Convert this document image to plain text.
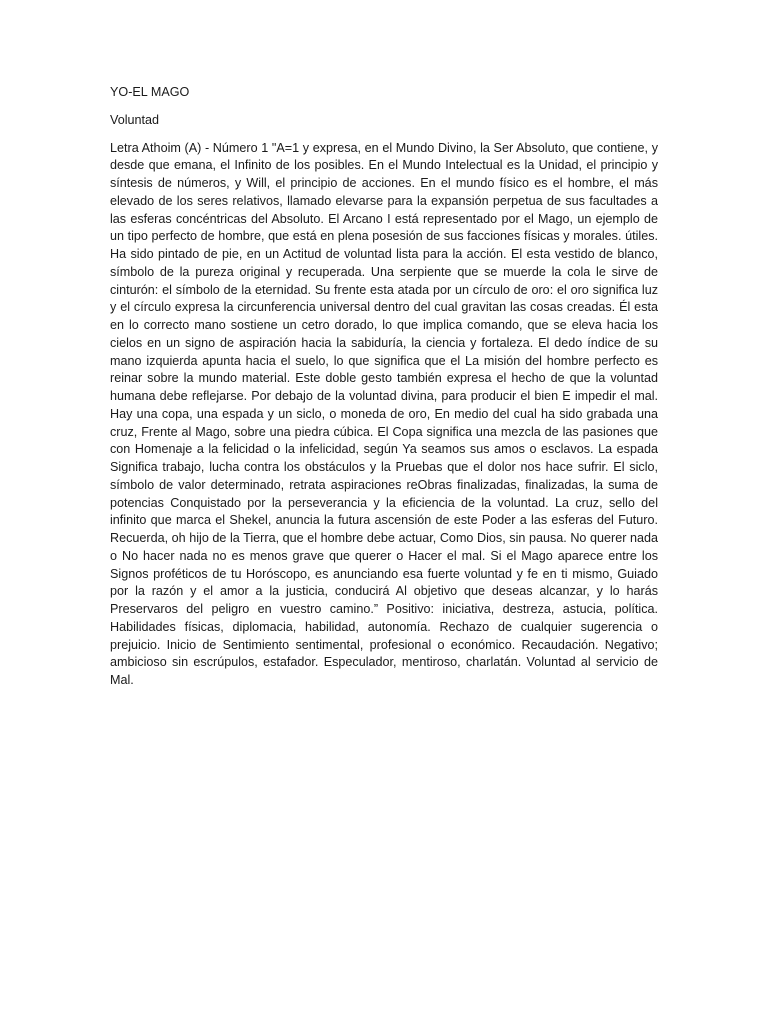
YO-EL MAGO

Voluntad

Letra Athoim (A) - Número 1 "A=1 y expresa, en el Mundo Divino, la Ser Absoluto, que contiene, y desde que emana, el Infinito de los posibles. En el Mundo Intelectual es la Unidad, el principio y síntesis de números, y Will, el principio de acciones. En el mundo físico es el hombre, el más elevado de los seres relativos, llamado elevarse para la expansión perpetua de sus facultades a las esferas concéntricas del Absoluto. El Arcano I está representado por el Mago, un ejemplo de un tipo perfecto de hombre, que está en plena posesión de sus facciones físicas y morales. útiles. Ha sido pintado de pie, en un Actitud de voluntad lista para la acción. El esta vestido de blanco, símbolo de la pureza original y recuperada. Una serpiente que se muerde la cola le sirve de cinturón: el símbolo de la eternidad. Su frente esta atada por un círculo de oro: el oro significa luz y el círculo expresa la circunferencia universal dentro del cual gravitan las cosas creadas. Él esta en lo correcto mano sostiene un cetro dorado, lo que implica comando, que se eleva hacia los cielos en un signo de aspiración hacia la sabiduría, la ciencia y fortaleza. El dedo índice de su mano izquierda apunta hacia el suelo, lo que significa que el La misión del hombre perfecto es reinar sobre la mundo material. Este doble gesto también expresa el hecho de que la voluntad humana debe reflejarse. Por debajo de la voluntad divina, para producir el bien E impedir el mal. Hay una copa, una espada y un siclo, o moneda de oro, En medio del cual ha sido grabada una cruz, Frente al Mago, sobre una piedra cúbica. El Copa significa una mezcla de las pasiones que con Homenaje a la felicidad o la infelicidad, según Ya seamos sus amos o esclavos. La espada Significa trabajo, lucha contra los obstáculos y la Pruebas que el dolor nos hace sufrir. El siclo, símbolo de valor determinado, retrata aspiraciones reObras finalizadas, finalizadas, la suma de potencias Conquistado por la perseverancia y la eficiencia de la voluntad. La cruz, sello del infinito que marca el Shekel, anuncia la futura ascensión de este Poder a las esferas del Futuro. Recuerda, oh hijo de la Tierra, que el hombre debe actuar, Como Dios, sin pausa. No querer nada o No hacer nada no es menos grave que querer o Hacer el mal. Si el Mago aparece entre los Signos proféticos de tu Horóscopo, es anunciando esa fuerte voluntad y fe en ti mismo, Guiado por la razón y el amor a la justicia, conducirá Al objetivo que deseas alcanzar, y lo harás Preservaros del peligro en vuestro camino.” Positivo: iniciativa, destreza, astucia, política. Habilidades físicas, diplomacia, habilidad, autonomía. Rechazo de cualquier sugerencia o prejuicio. Inicio de Sentimiento sentimental, profesional o económico. Recaudación. Negativo; ambicioso sin escrúpulos, estafador. Especulador, mentiroso, charlatán. Voluntad al servicio de Mal.
